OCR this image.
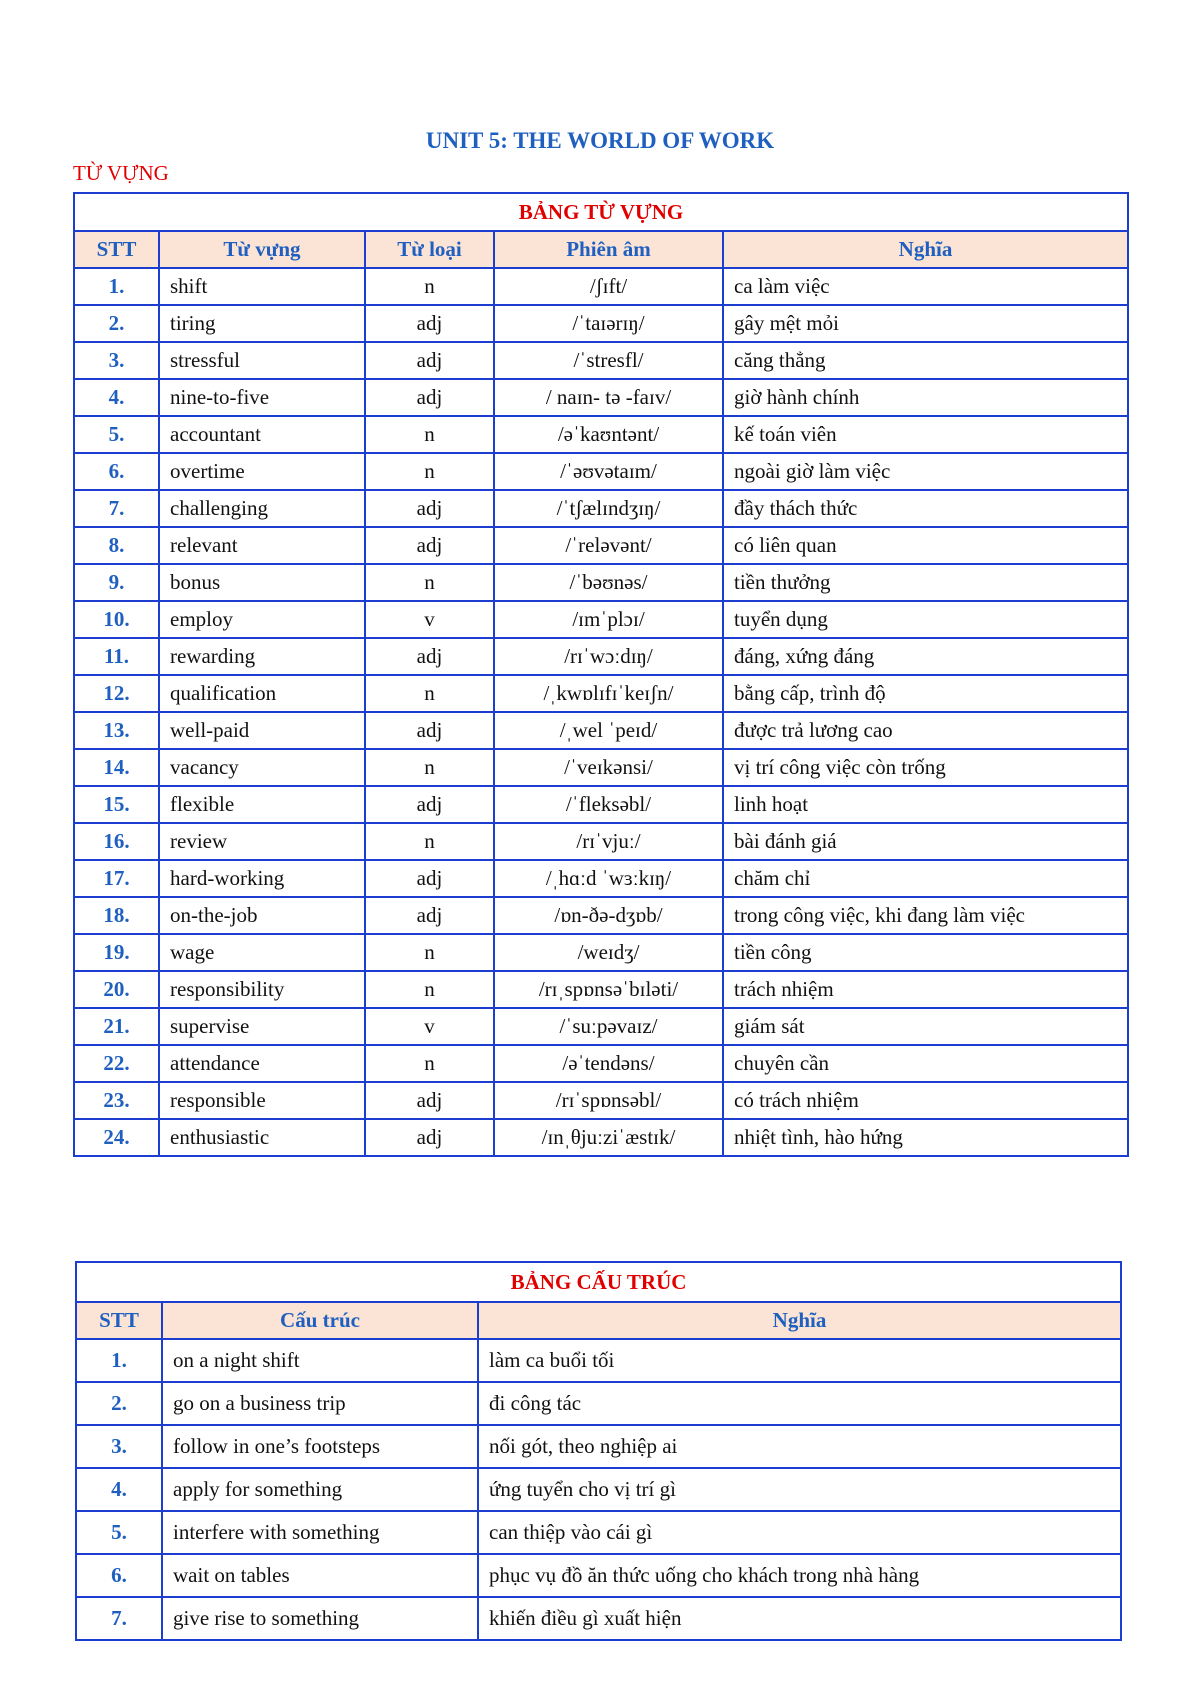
UNIT 5: THE WORLD OF WORK
TỪ VỰNG
BẢNG TỪ VỰNG				
STT	Từ vựng	Từ loại	Phiên âm	Nghĩa
1.	shift	n	/ʃɪft/	ca làm việc
2.	tiring	adj	/ˈtaɪərɪŋ/	gây mệt mỏi
3.	stressful	adj	/ˈstresfl/	căng thẳng
4.	nine-to-five	adj	/ naɪn- tə -faɪv/	giờ hành chính
5.	accountant	n	/əˈkaʊntənt/	kế toán viên
6.	overtime	n	/ˈəʊvətaɪm/	ngoài giờ làm việc
7.	challenging	adj	/ˈtʃælɪndʒɪŋ/	đầy thách thức
8.	relevant	adj	/ˈreləvənt/	có liên quan
9.	bonus	n	/ˈbəʊnəs/	tiền thưởng
10.	employ	v	/ɪmˈplɔɪ/	tuyển dụng
11.	rewarding	adj	/rɪˈwɔːdɪŋ/	đáng, xứng đáng
12.	qualification	n	/ˌkwɒlɪfɪˈkeɪʃn/	bằng cấp, trình độ
13.	well-paid	adj	/ˌwel ˈpeɪd/	được trả lương cao
14.	vacancy	n	/ˈveɪkənsi/	vị trí công việc còn trống
15.	flexible	adj	/ˈfleksəbl/	linh hoạt
16.	review	n	/rɪˈvjuː/	bài đánh giá
17.	hard-working	adj	/ˌhɑːd ˈwɜːkɪŋ/	chăm chỉ
18.	on-the-job	adj	/ɒn-ðə-dʒɒb/	trong công việc, khi đang làm việc
19.	wage	n	/weɪdʒ/	tiền công
20.	responsibility	n	/rɪˌspɒnsəˈbɪləti/	trách nhiệm
21.	supervise	v	/ˈsuːpəvaɪz/	giám sát
22.	attendance	n	/əˈtendəns/	chuyên cần
23.	responsible	adj	/rɪˈspɒnsəbl/	có trách nhiệm
24.	enthusiastic	adj	/ɪnˌθjuːziˈæstɪk/	nhiệt tình, hào hứng
BẢNG CẤU TRÚC		
STT	Cấu trúc	Nghĩa
1.	on a night shift	làm ca buổi tối
2.	go on a business trip	đi công tác
3.	follow in one’s footsteps	nối gót, theo nghiệp ai
4.	apply for something	ứng tuyển cho vị trí gì
5.	interfere with something	can thiệp vào cái gì
6.	wait on tables	phục vụ đồ ăn thức uống cho khách trong nhà hàng
7.	give rise to something	khiến điều gì xuất hiện
